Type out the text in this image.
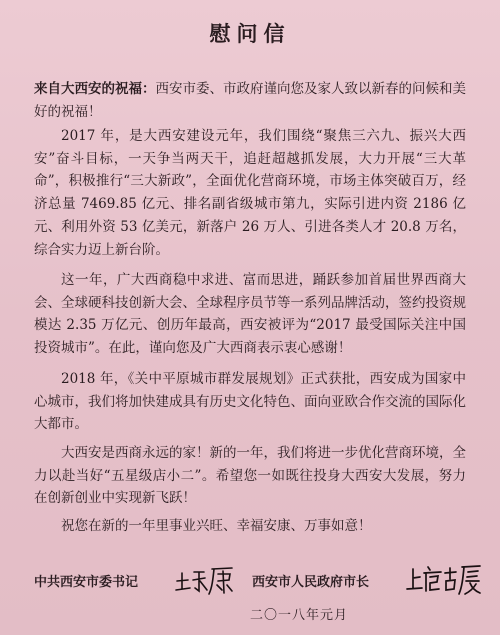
慰问信

来自大西安的祝福：西安市委、市政府谨向您及家人致以新春的问候和美好的祝福！

2017 年，是大西安建设元年，我们围绕“聚焦三六九、振兴大西安”奋斗目标，一天争当两天干，追赶超越抓发展，大力开展“三大革命”，积极推行“三大新政”，全面优化营商环境，市场主体突破百万，经济总量 7469.85 亿元、排名副省级城市第九，实际引进内资 2186 亿元、利用外资 53 亿美元，新落户 26 万人、引进各类人才 20.8 万名，综合实力迈上新台阶。

这一年，广大西商稳中求进、富而思进，踊跃参加首届世界西商大会、全球硬科技创新大会、全球程序员节等一系列品牌活动，签约投资规模达 2.35 万亿元、创历年最高，西安被评为“2017 最受国际关注中国投资城市”。在此，谨向您及广大西商表示衷心感谢！

2018 年，《关中平原城市群发展规划》正式获批，西安成为国家中心城市，我们将加快建成具有历史文化特色、面向亚欧合作交流的国际化大都市。

大西安是西商永远的家！新的一年，我们将进一步优化营商环境，全力以赴当好“五星级店小二”。希望您一如既往投身大西安大发展，努力在创新创业中实现新飞跃！

祝您在新的一年里事业兴旺、幸福安康、万事如意！

中共西安市委书记	西安市人民政府市长
二〇一八年元月
